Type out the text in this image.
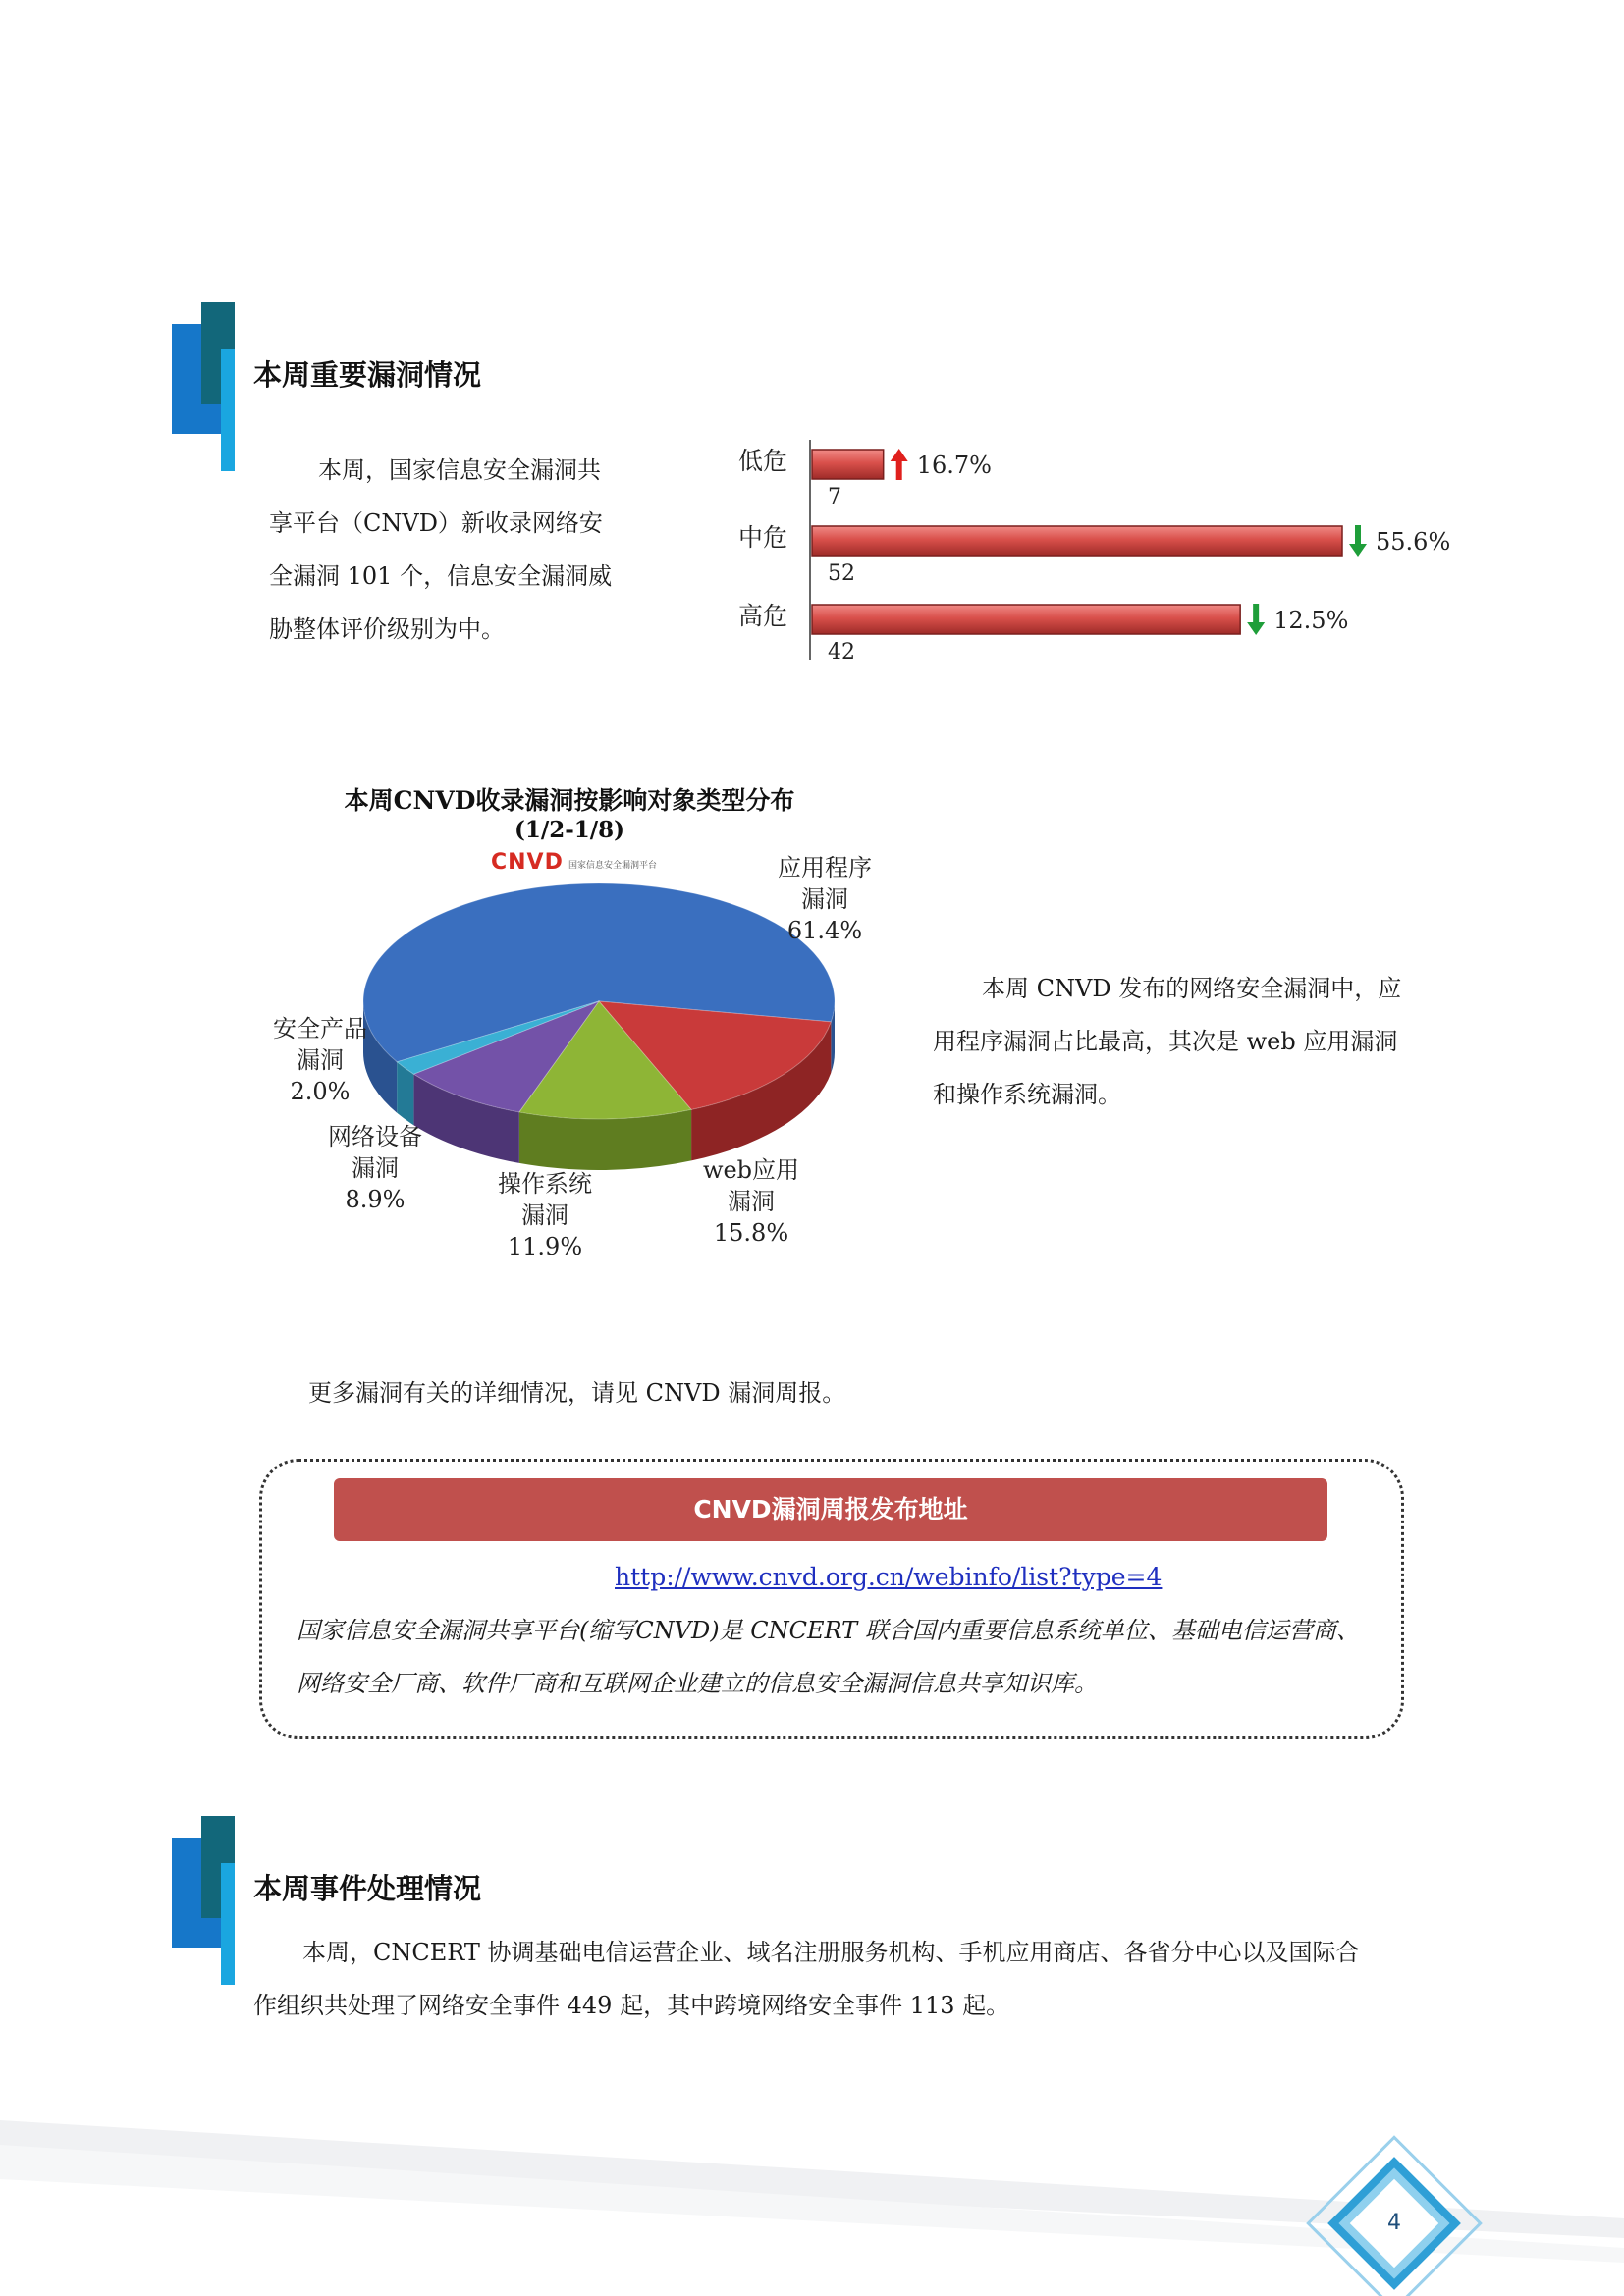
本周重要漏洞情况
本周，国家信息安全漏洞共
享平台（CNVD）新收录网络安
全漏洞 101 个，信息安全漏洞威
胁整体评价级别为中。
低危
中危
高危
7
52
42
16.7%
55.6%
12.5%
本周CNVD收录漏洞按影响对象类型分布
(1/2-1/8)
CNVD 国家信息安全漏洞平台	应用程序
漏洞
61.4%
web应用
漏洞
15.8%
操作系统
漏洞
11.9%
网络设备
漏洞
8.9%
安全产品
漏洞
2.0%
本周 CNVD 发布的网络安全漏洞中，应
用程序漏洞占比最高，其次是 web 应用漏洞
和操作系统漏洞。
更多漏洞有关的详细情况，请见 CNVD 漏洞周报。
CNVD漏洞周报发布地址
http://www.cnvd.org.cn/webinfo/list?type=4
国家信息安全漏洞共享平台(缩写CNVD)是 CNCERT 联合国内重要信息系统单位、基础电信运营商、
网络安全厂商、软件厂商和互联网企业建立的信息安全漏洞信息共享知识库。
本周事件处理情况
本周，CNCERT 协调基础电信运营企业、域名注册服务机构、手机应用商店、各省分中心以及国际合
作组织共处理了网络安全事件 449 起，其中跨境网络安全事件 113 起。
4
